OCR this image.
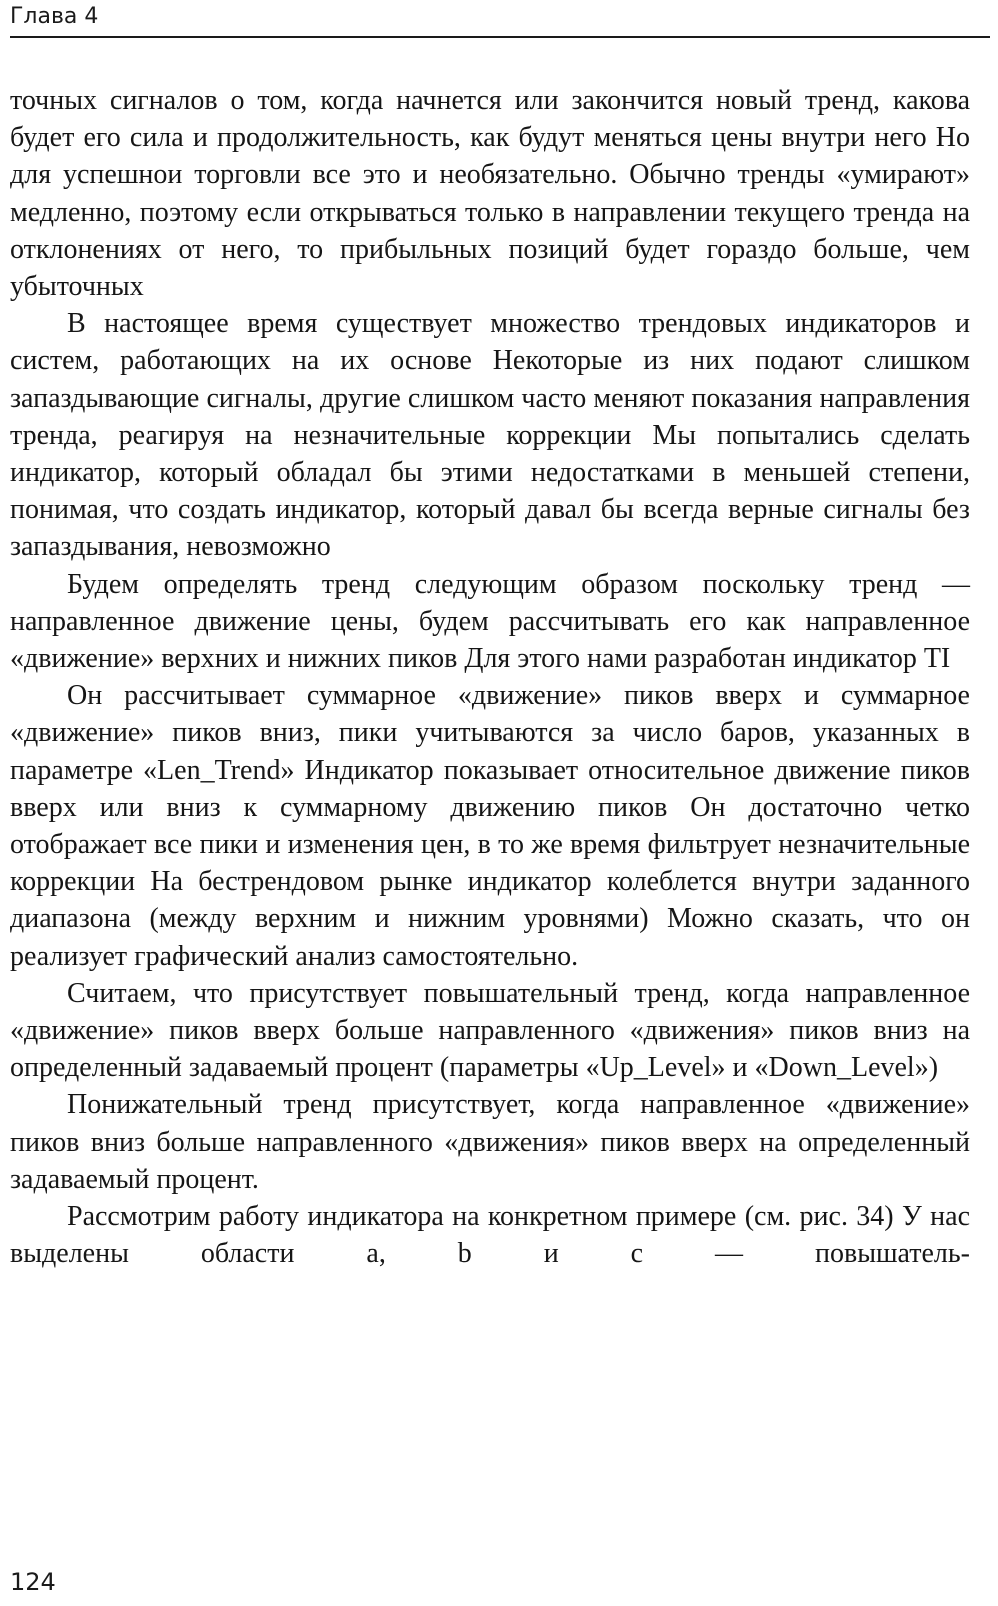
Глава 4

точных сигналов о том, когда начнется или закончится новый тренд, какова будет его сила и продолжительность, как будут меняться цены внутри него Но для успешнои торговли все это и необязательно. Обычно тренды «умирают» медленно, поэтому если открываться только в направлении текущего тренда на отклонениях от него, то прибыльных позиций будет гораздо больше, чем убыточных

В настоящее время существует множество трендовых индикаторов и систем, работающих на их основе Некоторые из них подают слишком запаздывающие сигналы, другие слишком часто меняют показания направления тренда, реагируя на незначительные коррекции Мы попытались сделать индикатор, который обладал бы этими недостатками в меньшей степени, понимая, что создать индикатор, который давал бы всегда верные сигналы без запаздывания, невозможно

Будем определять тренд следующим образом поскольку тренд — направленное движение цены, будем рассчитывать его как направленное «движение» верхних и нижних пиков Для этого нами разработан индикатор TI

Он рассчитывает суммарное «движение» пиков вверх и суммарное «движение» пиков вниз, пики учитываются за число баров, указанных в параметре «Len_Trend» Индикатор показывает относительное движение пиков вверх или вниз к суммарному движению пиков Он достаточно четко отображает все пики и изменения цен, в то же время фильтрует незначительные коррекции На бестрендовом рынке индикатор колеблется внутри заданного диапазона (между верхним и нижним уровнями) Можно сказать, что он реализует графический анализ самостоятельно.

Считаем, что присутствует повышательный тренд, когда направленное «движение» пиков вверх больше направленного «движения» пиков вниз на определенный задаваемый процент (параметры «Up_Level» и «Down_Level»)

Понижательный тренд присутствует, когда направленное «движение» пиков вниз больше направленного «движения» пиков вверх на определенный задаваемый процент.

Рассмотрим работу индикатора на конкретном примере (см. рис. 34) У нас выделены области a, b и c — повышатель-

124
